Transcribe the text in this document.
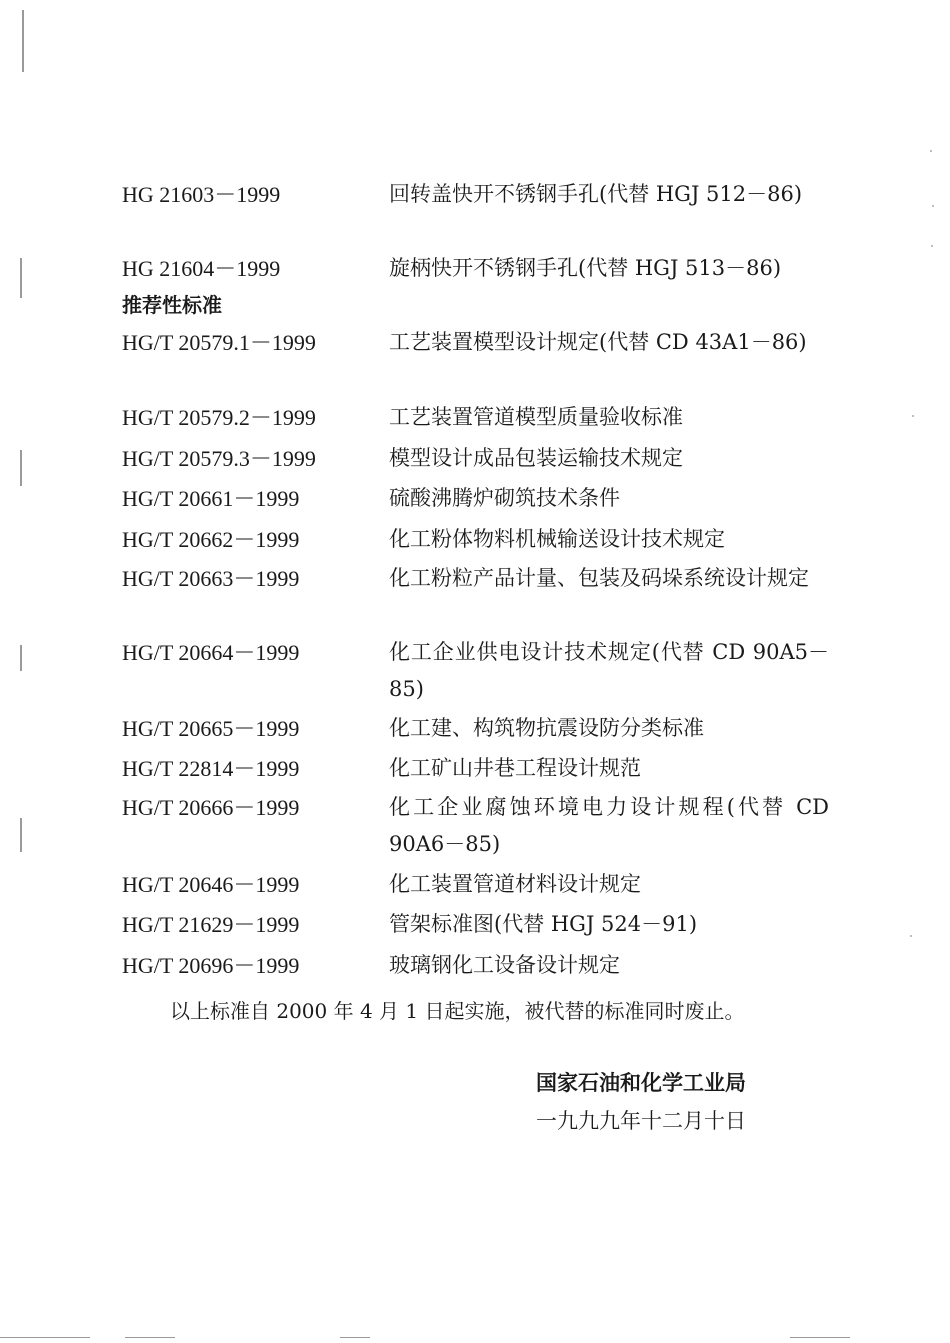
HG 21603－1999	回转盖快开不锈钢手孔(代替 HGJ 512－86)
HG 21604－1999	旋柄快开不锈钢手孔(代替 HGJ 513－86)
推荐性标准
HG/T 20579.1－1999	工艺装置模型设计规定(代替 CD 43A1－86)
HG/T 20579.2－1999	工艺装置管道模型质量验收标准
HG/T 20579.3－1999	模型设计成品包装运输技术规定
HG/T 20661－1999	硫酸沸腾炉砌筑技术条件
HG/T 20662－1999	化工粉体物料机械输送设计技术规定
HG/T 20663－1999	化工粉粒产品计量、包装及码垛系统设计规定
HG/T 20664－1999	化工企业供电设计技术规定(代替 CD 90A5－85)
HG/T 20665－1999	化工建、构筑物抗震设防分类标准
HG/T 22814－1999	化工矿山井巷工程设计规范
HG/T 20666－1999	化工企业腐蚀环境电力设计规程(代替 CD 90A6－85)
HG/T 20646－1999	化工装置管道材料设计规定
HG/T 21629－1999	管架标准图(代替 HGJ 524－91)
HG/T 20696－1999	玻璃钢化工设备设计规定
以上标准自 2000 年 4 月 1 日起实施，被代替的标准同时废止。
国家石油和化学工业局
一九九九年十二月十日
